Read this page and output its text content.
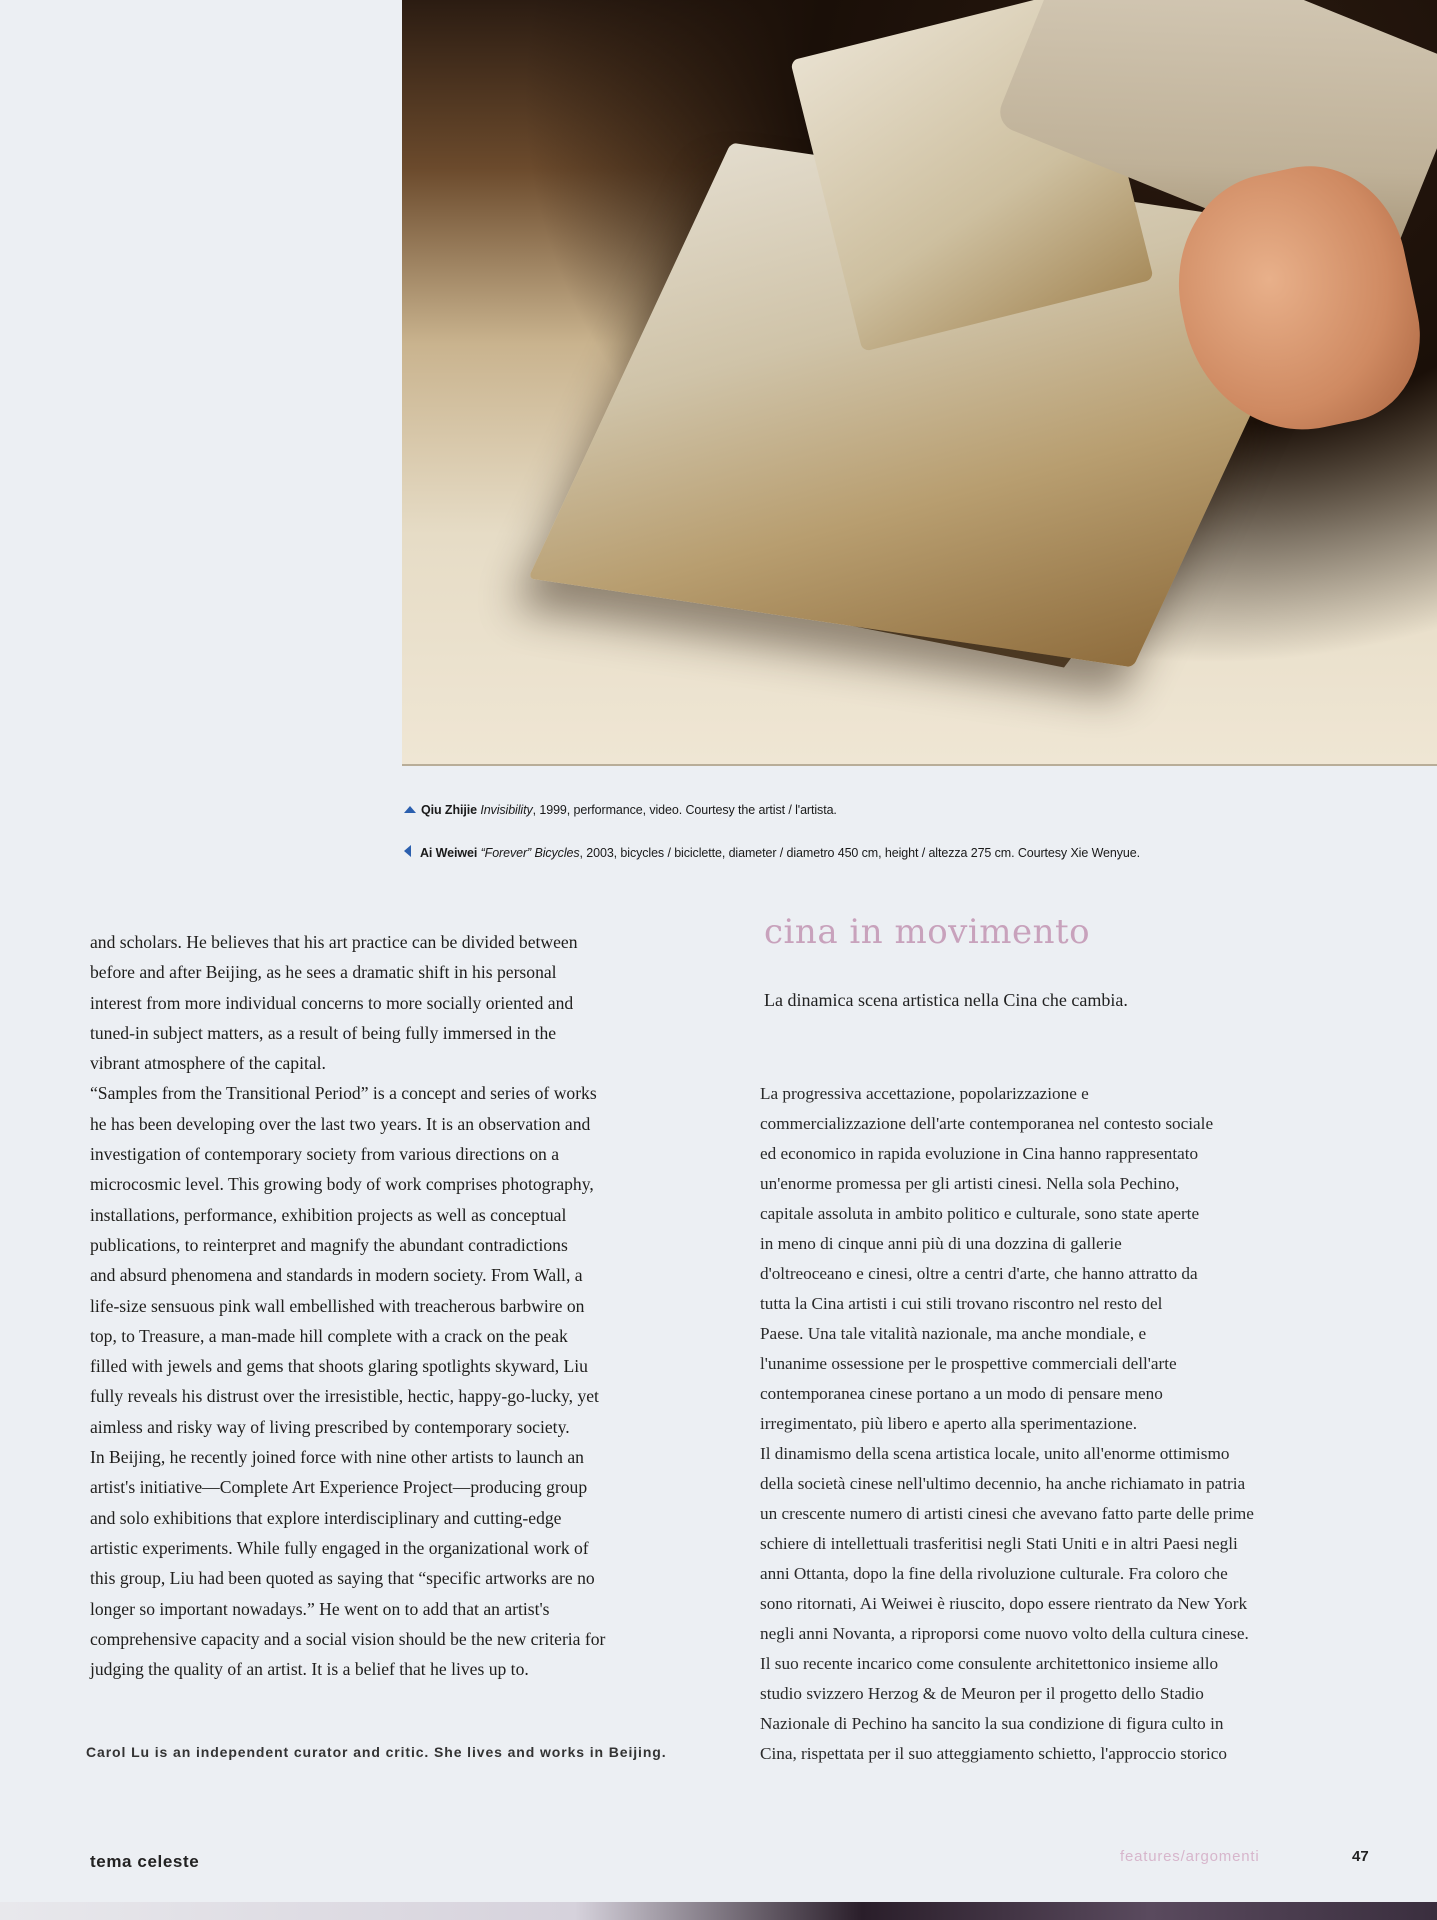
Qiu Zhijie Invisibility, 1999, performance, video. Courtesy the artist / l'artista.
Ai Weiwei “Forever” Bicycles, 2003, bicycles / biciclette, diameter / diametro 450 cm, height / altezza 275 cm. Courtesy Xie Wenyue.

and scholars. He believes that his art practice can be divided between
before and after Beijing, as he sees a dramatic shift in his personal
interest from more individual concerns to more socially oriented and
tuned-in subject matters, as a result of being fully immersed in the
vibrant atmosphere of the capital.

“Samples from the Transitional Period” is a concept and series of works
he has been developing over the last two years. It is an observation and
investigation of contemporary society from various directions on a
microcosmic level. This growing body of work comprises photography,
installations, performance, exhibition projects as well as conceptual
publications, to reinterpret and magnify the abundant contradictions
and absurd phenomena and standards in modern society. From Wall, a
life-size sensuous pink wall embellished with treacherous barbwire on
top, to Treasure, a man-made hill complete with a crack on the peak
filled with jewels and gems that shoots glaring spotlights skyward, Liu
fully reveals his distrust over the irresistible, hectic, happy-go-lucky, yet
aimless and risky way of living prescribed by contemporary society.

In Beijing, he recently joined force with nine other artists to launch an
artist's initiative—Complete Art Experience Project—producing group
and solo exhibitions that explore interdisciplinary and cutting-edge
artistic experiments. While fully engaged in the organizational work of
this group, Liu had been quoted as saying that “specific artworks are no
longer so important nowadays.” He went on to add that an artist's
comprehensive capacity and a social vision should be the new criteria for
judging the quality of an artist. It is a belief that he lives up to.

Carol Lu is an independent curator and critic. She lives and works in Beijing.
cina in movimento
La dinamica scena artistica nella Cina che cambia.

La progressiva accettazione, popolarizzazione e
commercializzazione dell'arte contemporanea nel contesto sociale
ed economico in rapida evoluzione in Cina hanno rappresentato
un'enorme promessa per gli artisti cinesi. Nella sola Pechino,
capitale assoluta in ambito politico e culturale, sono state aperte
in meno di cinque anni più di una dozzina di gallerie
d'oltreoceano e cinesi, oltre a centri d'arte, che hanno attratto da
tutta la Cina artisti i cui stili trovano riscontro nel resto del
Paese. Una tale vitalità nazionale, ma anche mondiale, e
l'unanime ossessione per le prospettive commerciali dell'arte
contemporanea cinese portano a un modo di pensare meno
irregimentato, più libero e aperto alla sperimentazione.

Il dinamismo della scena artistica locale, unito all'enorme ottimismo
della società cinese nell'ultimo decennio, ha anche richiamato in patria
un crescente numero di artisti cinesi che avevano fatto parte delle prime
schiere di intellettuali trasferitisi negli Stati Uniti e in altri Paesi negli
anni Ottanta, dopo la fine della rivoluzione culturale. Fra coloro che
sono ritornati, Ai Weiwei è riuscito, dopo essere rientrato da New York
negli anni Novanta, a riproporsi come nuovo volto della cultura cinese.
Il suo recente incarico come consulente architettonico insieme allo
studio svizzero Herzog & de Meuron per il progetto dello Stadio
Nazionale di Pechino ha sancito la sua condizione di figura culto in
Cina, rispettata per il suo atteggiamento schietto, l'approccio storico

tema celeste	features/argomenti	47
